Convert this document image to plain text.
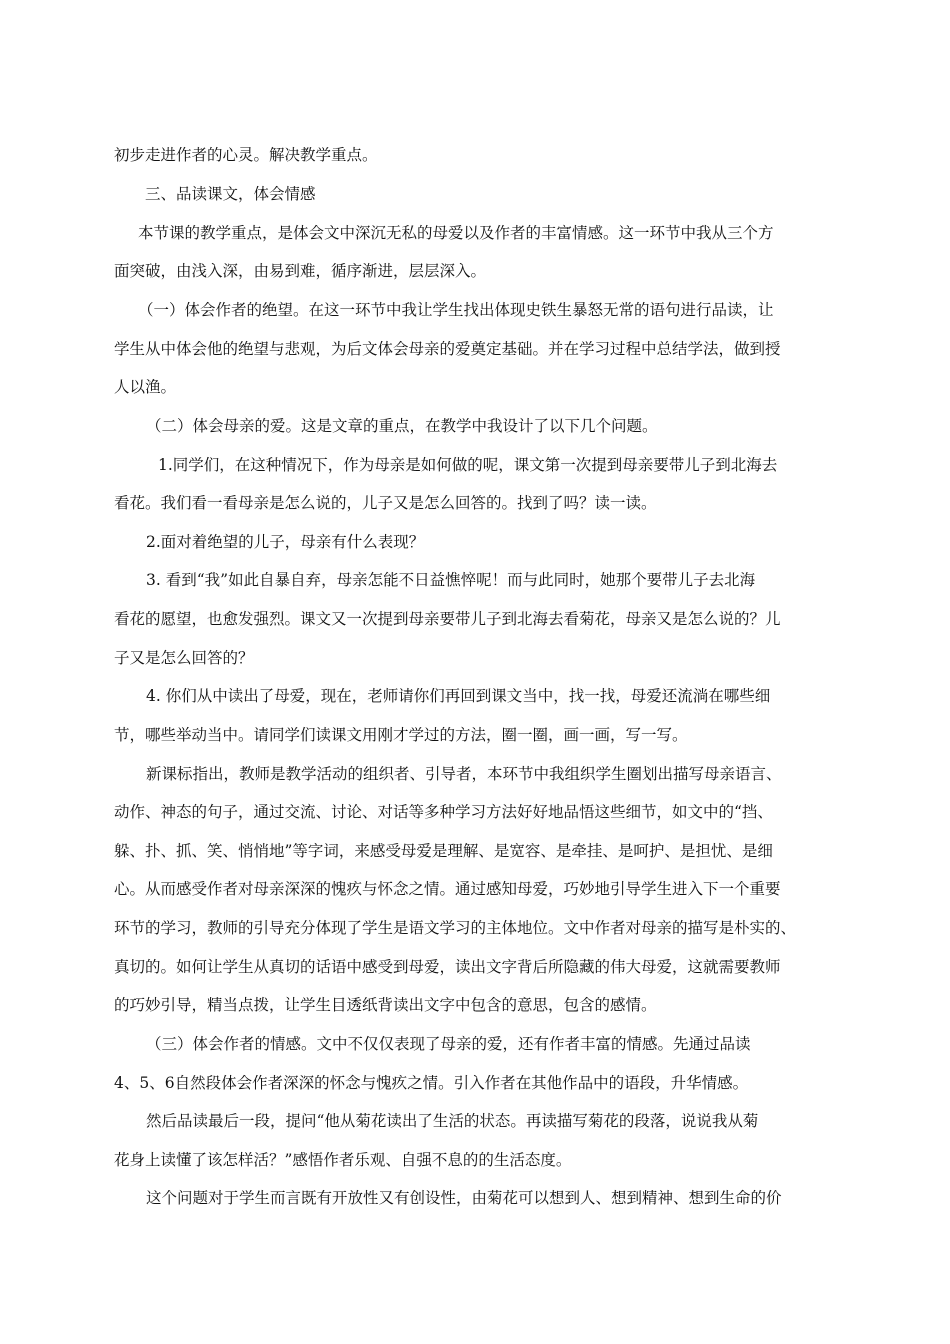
初步走进作者的心灵。解决教学重点。
三、品读课文，体会情感
本节课的教学重点，是体会文中深沉无私的母爱以及作者的丰富情感。这一环节中我从三个方
面突破，由浅入深，由易到难，循序渐进，层层深入。
（一）体会作者的绝望。在这一环节中我让学生找出体现史铁生暴怒无常的语句进行品读，让
学生从中体会他的绝望与悲观，为后文体会母亲的爱奠定基础。并在学习过程中总结学法，做到授
人以渔。
（二）体会母亲的爱。这是文章的重点，在教学中我设计了以下几个问题。
1.同学们，在这种情况下，作为母亲是如何做的呢，课文第一次提到母亲要带儿子到北海去
看花。我们看一看母亲是怎么说的，儿子又是怎么回答的。找到了吗？读一读。
2.面对着绝望的儿子，母亲有什么表现？
3. 看到“我”如此自暴自弃，母亲怎能不日益憔悴呢！而与此同时，她那个要带儿子去北海
看花的愿望，也愈发强烈。课文又一次提到母亲要带儿子到北海去看菊花，母亲又是怎么说的？儿
子又是怎么回答的？
4. 你们从中读出了母爱，现在，老师请你们再回到课文当中，找一找，母爱还流淌在哪些细
节，哪些举动当中。请同学们读课文用刚才学过的方法，圈一圈，画一画，写一写。
新课标指出，教师是教学活动的组织者、引导者，本环节中我组织学生圈划出描写母亲语言、
动作、神态的句子，通过交流、讨论、对话等多种学习方法好好地品悟这些细节，如文中的“挡、
躲、扑、抓、笑、悄悄地”等字词，来感受母爱是理解、是宽容、是牵挂、是呵护、是担忧、是细
心。从而感受作者对母亲深深的愧疚与怀念之情。通过感知母爱，巧妙地引导学生进入下一个重要
环节的学习，教师的引导充分体现了学生是语文学习的主体地位。文中作者对母亲的描写是朴实的、
真切的。如何让学生从真切的话语中感受到母爱，读出文字背后所隐藏的伟大母爱，这就需要教师
的巧妙引导，精当点拨，让学生目透纸背读出文字中包含的意思，包含的感情。
（三）体会作者的情感。文中不仅仅表现了母亲的爱，还有作者丰富的情感。先通过品读
4、5、6自然段体会作者深深的怀念与愧疚之情。引入作者在其他作品中的语段，升华情感。
然后品读最后一段，提问“他从菊花读出了生活的状态。再读描写菊花的段落，说说我从菊
花身上读懂了该怎样活？”感悟作者乐观、自强不息的的生活态度。
这个问题对于学生而言既有开放性又有创设性，由菊花可以想到人、想到精神、想到生命的价
